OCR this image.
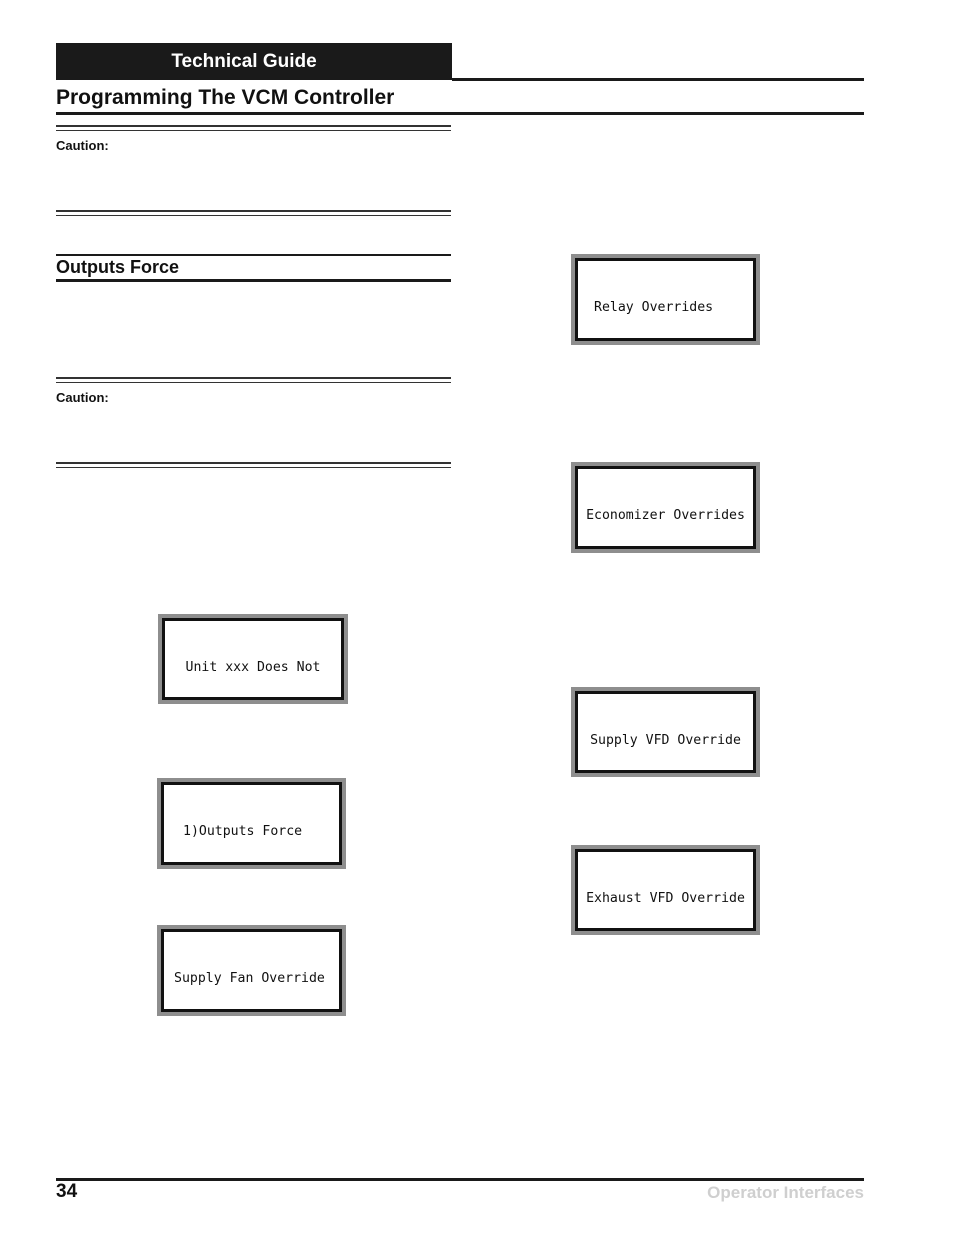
Technical Guide
Programming The VCM Controller
Caution:
Outputs Force
Caution:

Relay Overrides

Economizer Overrides

Unit xxx Does Not

Supply VFD Override

1)Outputs Force

Exhaust VFD Override

Supply Fan Override

34	Operator Interfaces
